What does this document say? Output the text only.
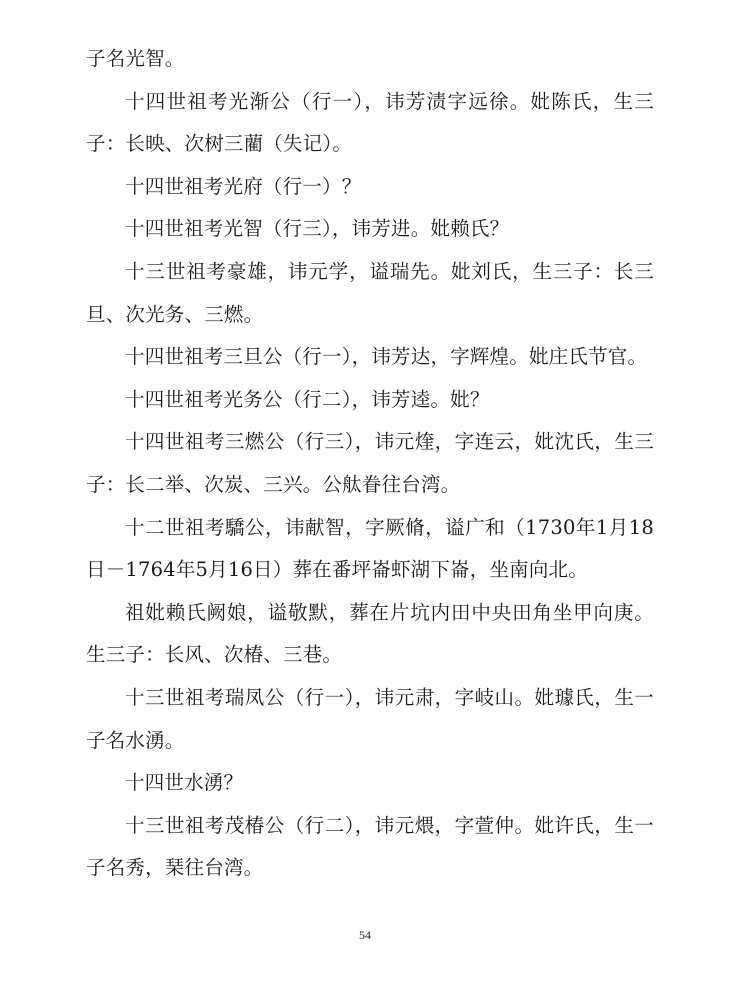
子名光智。

十四世祖考光渐公（行一），讳芳渍字远徐。妣陈氏，生三子：长映、次树三藺（失记）。

十四世祖考光府（行一）？

十四世祖考光智（行三），讳芳进。妣赖氏？

十三世祖考豪雄，讳元学，谥瑞先。妣刘氏，生三子：长三旦、次光务、三燃。

十四世祖考三旦公（行一），讳芳达，字辉煌。妣庄氏节官。

十四世祖考光务公（行二），讳芳逵。妣？

十四世祖考三燃公（行三），讳元煃，字连云，妣沈氏，生三子：长二举、次炭、三兴。公舦眷往台湾。

十二世祖考驕公，讳献智，字厥脩，谥广和（1730年1月18日－1764年5月16日）葬在番坪崙虾湖下崙，坐南向北。

祖妣赖氏阙娘，谥敬默，葬在片坑内田中央田角坐甲向庚。生三子：长风、次椿、三巷。

十三世祖考瑞凤公（行一），讳元肃，字岐山。妣璩氏，生一子名水湧。

十四世水湧？

十三世祖考茂椿公（行二），讳元煨，字萱仲。妣许氏，生一子名秀，琹往台湾。

54
